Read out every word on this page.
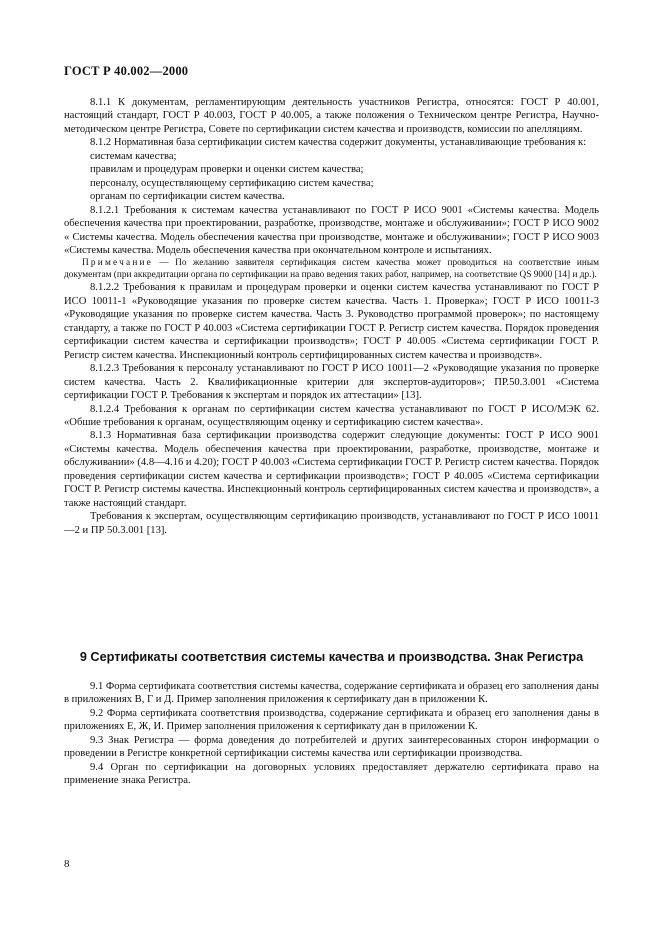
ГОСТ Р 40.002—2000

8.1.1 К документам, регламентирующим деятельность участников Регистра, относятся: ГОСТ Р 40.001, настоящий стандарт, ГОСТ Р 40.003, ГОСТ Р 40.005, а также положения о Техническом центре Регистра, Научно-методическом центре Регистра, Совете по сертификации систем качества и производств, комиссии по апелляциям.

8.1.2 Нормативная база сертификации систем качества содержит документы, устанавливающие требования к:

системам качества;

правилам и процедурам проверки и оценки систем качества;

персоналу, осуществляющему сертификацию систем качества;

органам по сертификации систем качества.

8.1.2.1 Требования к системам качества устанавливают по ГОСТ Р ИСО 9001 «Системы качества. Модель обеспечения качества при проектировании, разработке, производстве, монтаже и обслуживании»; ГОСТ Р ИСО 9002 « Системы качества. Модель обеспечения качества при производстве, монтаже и обслуживании»; ГОСТ Р ИСО 9003 «Системы качества. Модель обеспечения качества при окончательном контроле и испытаниях.

Примечание — По желанию заявителя сертификация систем качества может проводиться на соответствие иным документам (при аккредитации органа по сертификации на право ведения таких работ, например, на соответствие QS 9000 [14] и др.).

8.1.2.2 Требования к правилам и процедурам проверки и оценки систем качества устанавливают по ГОСТ Р ИСО 10011-1 «Руководящие указания по проверке систем качества. Часть 1. Проверка»; ГОСТ Р ИСО 10011-3 «Руководящие указания по проверке систем качества. Часть 3. Руководство программой проверок»; по настоящему стандарту, а также по ГОСТ Р 40.003 «Система сертификации ГОСТ Р. Регистр систем качества. Порядок проведения сертификации систем качества и сертификации производств»; ГОСТ Р 40.005 «Система сертификации ГОСТ Р. Регистр систем качества. Инспекционный контроль сертифицированных систем качества и производств».

8.1.2.3 Требования к персоналу устанавливают по ГОСТ Р ИСО 10011—2 «Руководящие указания по проверке систем качества. Часть 2. Квалификационные критерии для экспертов-аудиторов»; ПР.50.3.001 «Система сертификации ГОСТ Р. Требования к экспертам и порядок их аттестации» [13].

8.1.2.4 Требования к органам по сертификации систем качества устанавливают по ГОСТ Р ИСО/МЭК 62. «Обшие требования к органам, осуществляющим оценку и сертификацию систем качества».

8.1.3 Нормативная база сертификации производства содержит следующие документы: ГОСТ Р ИСО 9001 «Системы качества. Модель обеспечения качества при проектировании, разработке, производстве, монтаже и обслуживании» (4.8—4.16 и 4.20); ГОСТ Р 40.003 «Система сертификации ГОСТ Р. Регистр систем качества. Порядок проведения сертификации систем качества и сертификации производств»; ГОСТ Р 40.005 «Система сертификации ГОСТ Р. Регистр системы качества. Инспекционный контроль сертифицированных систем качества и производств», а также настоящий стандарт.

Требования к экспертам, осуществляющим сертификацию производств, устанавливают по ГОСТ Р ИСО 10011—2 и ПР 50.3.001 [13].

9 Сертификаты соответствия системы качества и производства. Знак Регистра

9.1 Форма сертификата соответствия системы качества, содержание сертификата и образец его заполнения даны в приложениях В, Г и Д. Пример заполнения приложения к сертификату дан в приложении К.

9.2 Форма сертификата соответствия производства, содержание сертификата и образец его заполнения даны в приложениях Е, Ж, И. Пример заполнения приложения к сертификату дан в приложении К.

9.3 Знак Регистра — форма доведения до потребителей и других заинтересованных сторон информации о проведении в Регистре конкретной сертификации системы качества или сертификации производства.

9.4 Орган по сертификации на договорных условиях предоставляет держателю сертификата право на применение знака Регистра.

8
